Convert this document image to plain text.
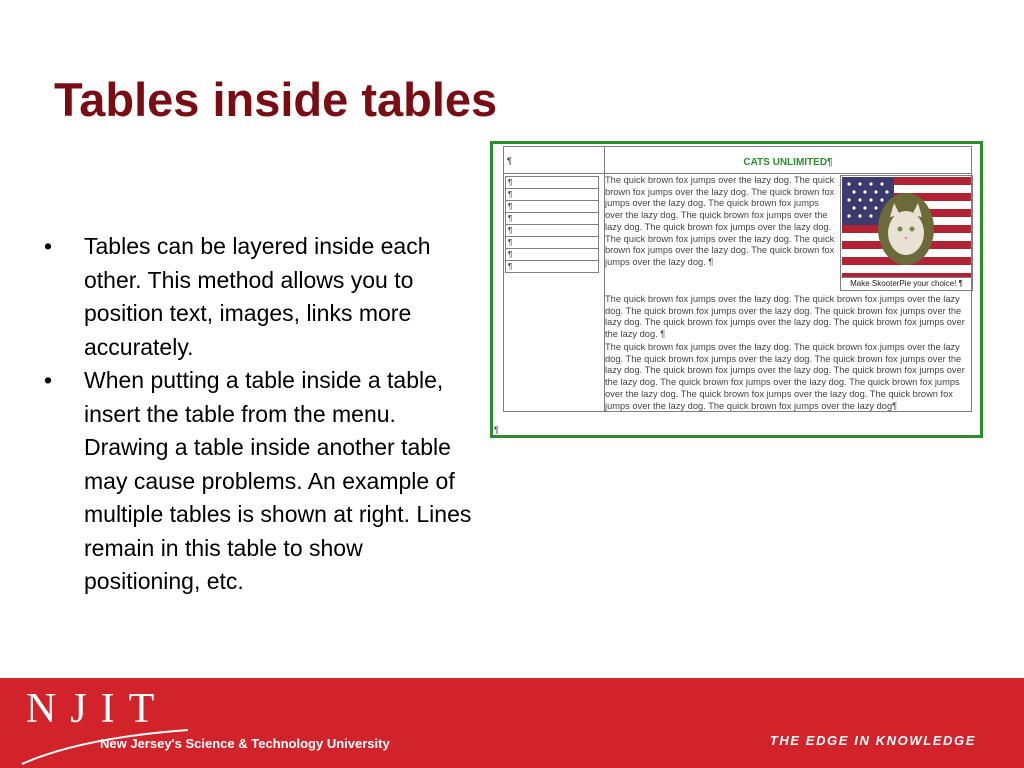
Tables inside tables
• Tables can be layered inside each other. This method allows you to position text, images, links more accurately.
• When putting a table inside a table, insert the table from the menu. Drawing a table inside another table may cause problems. An example of multiple tables is shown at right. Lines remain in this table to show positioning, etc.
¶
¶
¶
¶
¶
¶
¶
¶
¶
CATS UNLIMITED¶

The quick brown fox jumps over the lazy dog. The quick brown fox jumps over the lazy dog. The quick brown fox jumps over the lazy dog. The quick brown fox jumps over the lazy dog. The quick brown fox jumps over the lazy dog. The quick brown fox jumps over the lazy dog. The quick brown fox jumps over the lazy dog. The quick brown fox jumps over the lazy dog. The quick brown fox jumps over the lazy dog. ¶

Make SkooterPie your choice! ¶

The quick brown fox jumps over the lazy dog. The quick brown fox jumps over the lazy dog. The quick brown fox jumps over the lazy dog. The quick brown fox jumps over the lazy dog. The quick brown fox jumps over the lazy dog. The quick brown fox jumps over the lazy dog. ¶

The quick brown fox jumps over the lazy dog. The quick brown fox jumps over the lazy dog. The quick brown fox jumps over the lazy dog. The quick brown fox jumps over the lazy dog. The quick brown fox jumps over the lazy dog. The quick brown fox jumps over the lazy dog. The quick brown fox jumps over the lazy dog. The quick brown fox jumps over the lazy dog. The quick brown fox jumps over the lazy dog. The quick brown fox jumps over the lazy dog. The quick brown fox jumps over the lazy dog¶

¶
NJIT
New Jersey's Science & Technology University	THE EDGE IN KNOWLEDGE
